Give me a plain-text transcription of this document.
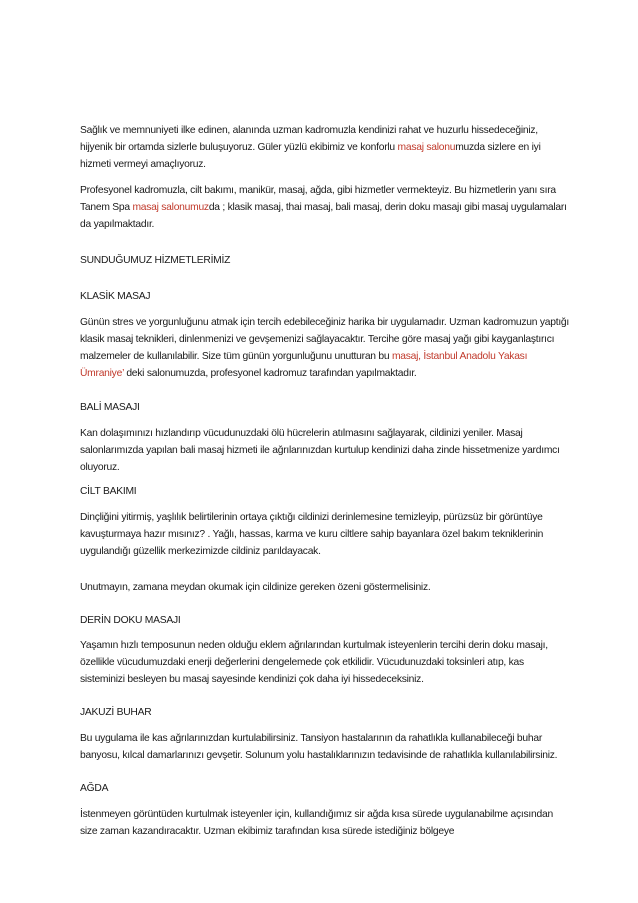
Sağlık ve memnuniyeti ilke edinen, alanında uzman kadromuzla kendinizi rahat ve huzurlu hissedeceğiniz, hijyenik bir ortamda sizlerle buluşuyoruz. Güler yüzlü ekibimiz ve konforlu masaj salonumuzda sizlere en iyi hizmeti vermeyi amaçlıyoruz.

Profesyonel kadromuzla, cilt bakımı, manikür, masaj, ağda, gibi hizmetler vermekteyiz. Bu hizmetlerin yanı sıra Tanem Spa masaj salonumuzda ; klasik masaj, thai masaj, bali masaj, derin doku masajı gibi masaj uygulamaları da yapılmaktadır.

SUNDUĞUMUZ HİZMETLERİMİZ

KLASİK MASAJ

Günün stres ve yorgunluğunu atmak için tercih edebileceğiniz harika bir uygulamadır. Uzman kadromuzun yaptığı klasik masaj teknikleri, dinlenmenizi ve gevşemenizi sağlayacaktır. Tercihe göre masaj yağı gibi kayganlaştırıcı malzemeler de kullanılabilir. Size tüm günün yorgunluğunu unutturan bu masaj, İstanbul Anadolu Yakası Ümraniye’ deki salonumuzda, profesyonel kadromuz tarafından yapılmaktadır.

BALİ MASAJI

Kan dolaşımınızı hızlandırıp vücudunuzdaki ölü hücrelerin atılmasını sağlayarak, cildinizi yeniler. Masaj salonlarımızda yapılan bali masaj hizmeti ile ağrılarınızdan kurtulup kendinizi daha zinde hissetmenize yardımcı oluyoruz.

CİLT BAKIMI

Dinçliğini yitirmiş, yaşlılık belirtilerinin ortaya çıktığı cildinizi derinlemesine temizleyip, pürüzsüz bir görüntüye kavuşturmaya hazır mısınız? . Yağlı, hassas, karma ve kuru ciltlere sahip bayanlara özel bakım tekniklerinin uygulandığı güzellik merkezimizde cildiniz parıldayacak.

Unutmayın, zamana meydan okumak için cildinize gereken özeni göstermelisiniz.

DERİN DOKU MASAJI

Yaşamın hızlı temposunun neden olduğu eklem ağrılarından kurtulmak isteyenlerin tercihi derin doku masajı, özellikle vücudumuzdaki enerji değerlerini dengelemede çok etkilidir. Vücudunuzdaki toksinleri atıp, kas sisteminizi besleyen bu masaj sayesinde kendinizi çok daha iyi hissedeceksiniz.

JAKUZİ BUHAR

Bu uygulama ile kas ağrılarınızdan kurtulabilirsiniz. Tansiyon hastalarının da rahatlıkla kullanabileceği buhar banyosu, kılcal damarlarınızı gevşetir. Solunum yolu hastalıklarınızın tedavisinde de rahatlıkla kullanılabilirsiniz.

AĞDA

İstenmeyen görüntüden kurtulmak isteyenler için, kullandığımız sir ağda kısa sürede uygulanabilme açısından size zaman kazandıracaktır. Uzman ekibimiz tarafından kısa sürede istediğiniz bölgeye
